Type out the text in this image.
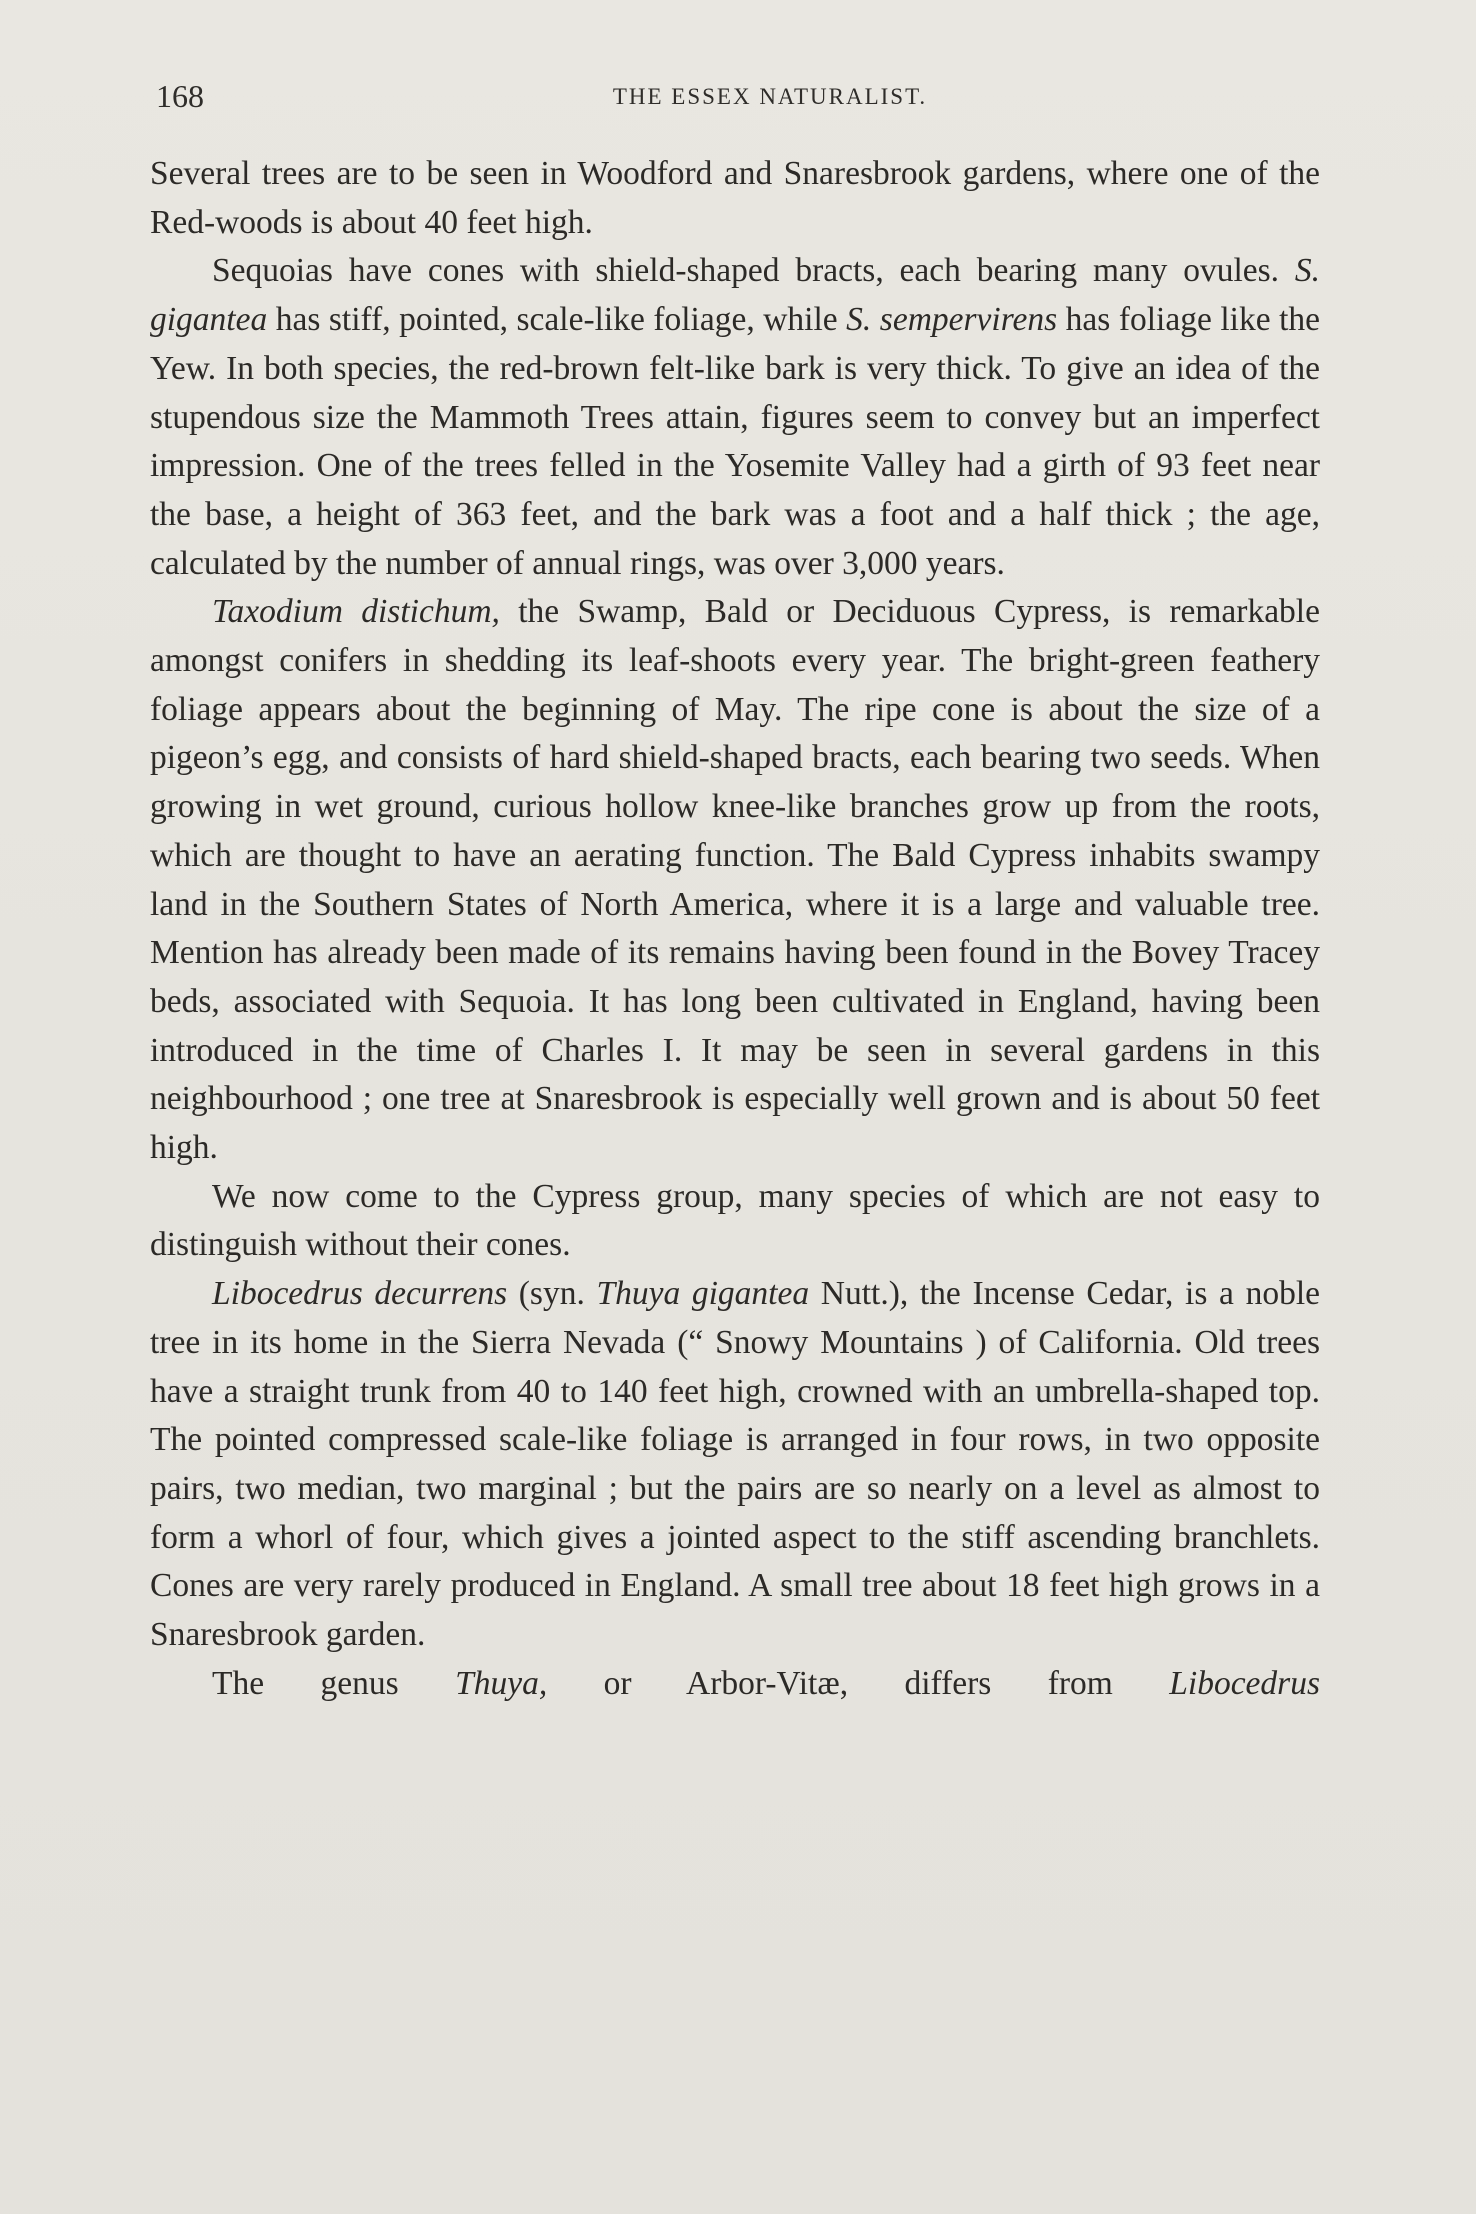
168	THE ESSEX NATURALIST.

Several trees are to be seen in Woodford and Snaresbrook gardens, where one of the Red-woods is about 40 feet high.

Sequoias have cones with shield-shaped bracts, each bearing many ovules. S. gigantea has stiff, pointed, scale-like foliage, while S. sempervirens has foliage like the Yew. In both species, the red-brown felt-like bark is very thick. To give an idea of the stupendous size the Mammoth Trees attain, figures seem to convey but an imperfect impression. One of the trees felled in the Yosemite Valley had a girth of 93 feet near the base, a height of 363 feet, and the bark was a foot and a half thick ; the age, calculated by the number of annual rings, was over 3,000 years.

Taxodium distichum, the Swamp, Bald or Deciduous Cypress, is remarkable amongst conifers in shedding its leaf-shoots every year. The bright-green feathery foliage appears about the beginning of May. The ripe cone is about the size of a pigeon’s egg, and consists of hard shield-shaped bracts, each bearing two seeds. When growing in wet ground, curious hollow knee-like branches grow up from the roots, which are thought to have an aerating function. The Bald Cypress inhabits swampy land in the Southern States of North America, where it is a large and valuable tree. Mention has already been made of its remains having been found in the Bovey Tracey beds, associated with Sequoia. It has long been cultivated in England, having been introduced in the time of Charles I. It may be seen in several gardens in this neighbourhood ; one tree at Snaresbrook is especially well grown and is about 50 feet high.

We now come to the Cypress group, many species of which are not easy to distinguish without their cones.

Libocedrus decurrens (syn. Thuya gigantea Nutt.), the Incense Cedar, is a noble tree in its home in the Sierra Nevada (“ Snowy Mountains ) of California. Old trees have a straight trunk from 40 to 140 feet high, crowned with an umbrella-shaped top. The pointed compressed scale-like foliage is arranged in four rows, in two opposite pairs, two median, two marginal ; but the pairs are so nearly on a level as almost to form a whorl of four, which gives a jointed aspect to the stiff ascending branchlets. Cones are very rarely produced in England. A small tree about 18 feet high grows in a Snaresbrook garden.

The genus Thuya, or Arbor-Vitæ, differs from Libocedrus
